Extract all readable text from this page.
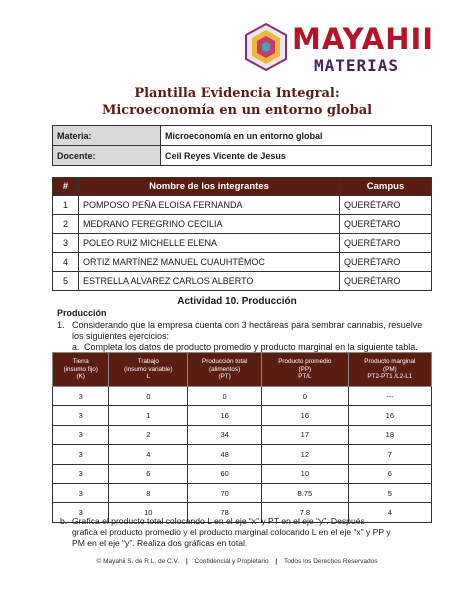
MAYAHII
MATERIAS
Plantilla Evidencia Integral:
Microeconomía en un entorno global
Materia:	Microeconomía en un entorno global
Docente:	Ceil Reyes Vicente de Jesus
#	Nombre de los integrantes	Campus
1	POMPOSO PEÑA ELOISA FERNANDA	QUERÉTARO
2	MEDRANO FEREGRINO CECILIA	QUERÉTARO
3	POLEO RUIZ MICHELLE ELENA	QUERÉTARO
4	ORTIZ MARTÍNEZ MANUEL CUAUHTÉMOC	QUERÉTARO
5	ESTRELLA ALVAREZ CARLOS ALBERTO	QUERÉTARO
Actividad 10. Producción
Producción
1. Considerando que la empresa cuenta con 3 hectáreas para sembrar cannabis, resuelve
los siguientes ejercicios:
a. Completa los datos de producto promedio y producto marginal en la siguiente tabla.
Tierra
(insumo fijo)
(K)	Trabajo
(insumo variable)
L	Producción total
(alimentos)
(PT)	Producto promedio
(PP)
PT/L	Producto marginal
(PM)
PT2-PT1 /L2-L1
3	0	0	0	---
3	1	16	16	16
3	2	34	17	18
3	4	48	12	7
3	6	60	10	6
3	8	70	8.75	5
3	10	78	7.8	4
b. Grafica el producto total colocando L en el eje “x” y PT en el eje “y”. Después
grafica el producto promedio y el producto marginal colocando L en el eje “x” y PP y
PM en el eje “y”. Realiza dos gráficas en total.
© Mayahii S. de R.L. de C.V. | Confidencial y Propietario | Todos los Derechos Reservados
